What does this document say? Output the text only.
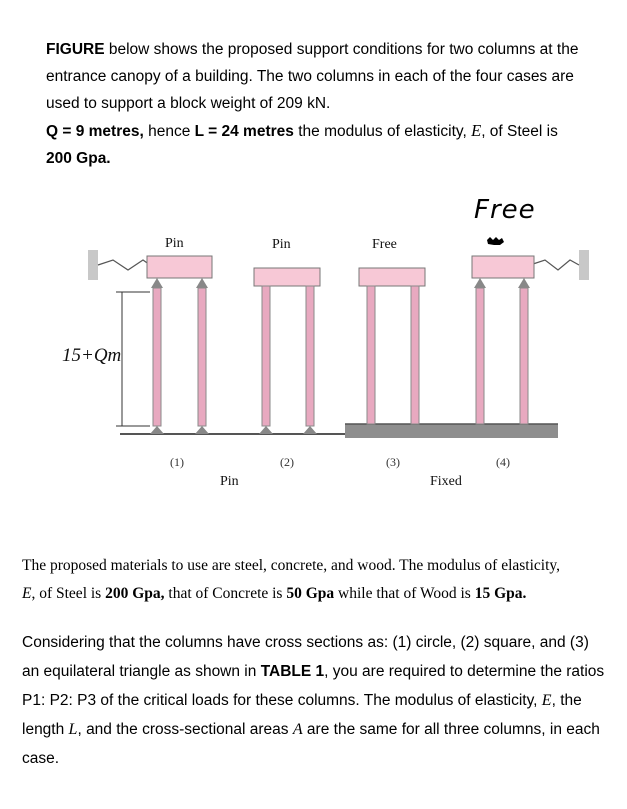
FIGURE below shows the proposed support conditions for two columns at the entrance canopy of a building. The two columns in each of the four cases are used to support a block weight of 209 kN.

Q = 9 metres, hence L = 24 metres the modulus of elasticity, E, of Steel is
200 Gpa.

Free
Pin	Pin	Free
15+Qm
(1)	(2)	(3)	(4)
Pin	Fixed

The proposed materials to use are steel, concrete, and wood. The modulus of elasticity,
E, of Steel is 200 Gpa, that of Concrete is 50 Gpa while that of Wood is 15 Gpa.

Considering that the columns have cross sections as: (1) circle, (2) square, and (3) an equilateral triangle as shown in TABLE 1, you are required to determine the ratios P1: P2: P3 of the critical loads for these columns. The modulus of elasticity, E, the length L, and the cross-sectional areas A are the same for all three columns, in each case.
